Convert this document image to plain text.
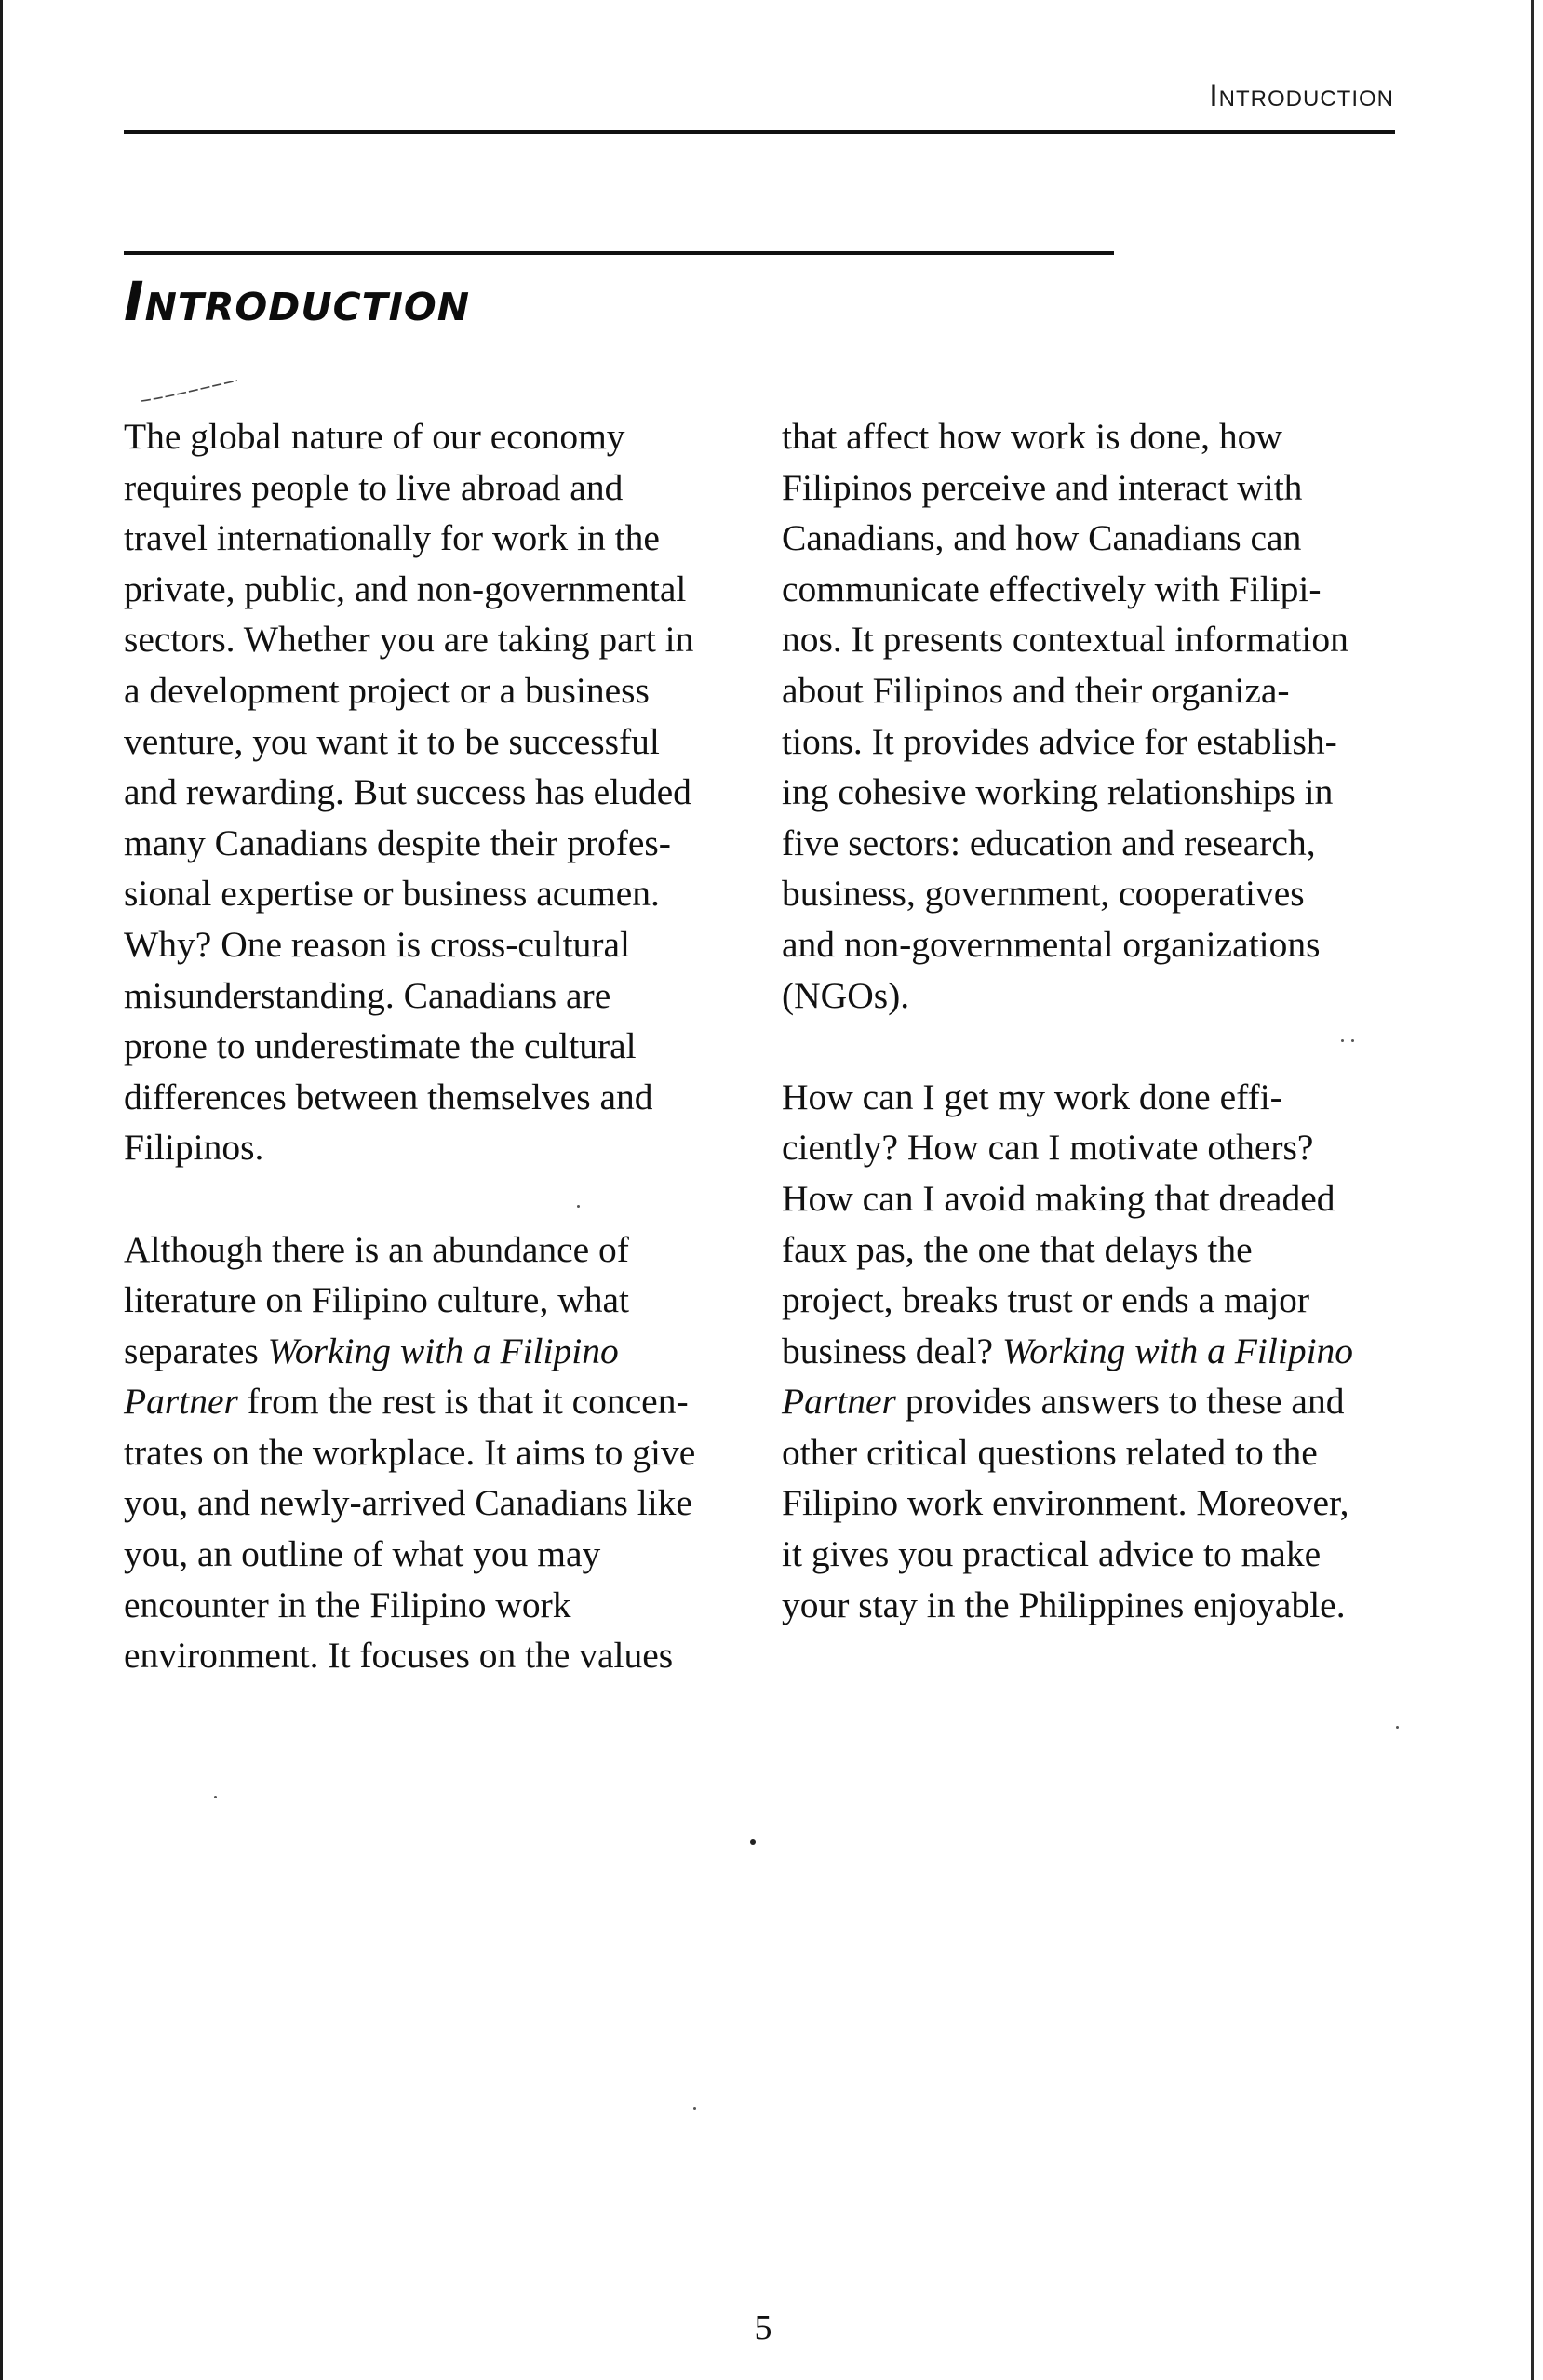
Introduction
Introduction

The global nature of our economy
requires people to live abroad and
travel internationally for work in the
private, public, and non-governmental
sectors. Whether you are taking part in
a development project or a business
venture, you want it to be successful
and rewarding. But success has eluded
many Canadians despite their profes-
sional expertise or business acumen.
Why? One reason is cross-cultural
misunderstanding. Canadians are
prone to underestimate the cultural
differences between themselves and
Filipinos.

Although there is an abundance of
literature on Filipino culture, what
separates Working with a Filipino
Partner from the rest is that it concen-
trates on the workplace. It aims to give
you, and newly-arrived Canadians like
you, an outline of what you may
encounter in the Filipino work
environment. It focuses on the values

that affect how work is done, how
Filipinos perceive and interact with
Canadians, and how Canadians can
communicate effectively with Filipi-
nos. It presents contextual information
about Filipinos and their organiza-
tions. It provides advice for establish-
ing cohesive working relationships in
five sectors: education and research,
business, government, cooperatives
and non-governmental organizations
(NGOs).

How can I get my work done effi-
ciently? How can I motivate others?
How can I avoid making that dreaded
faux pas, the one that delays the
project, breaks trust or ends a major
business deal? Working with a Filipino
Partner provides answers to these and
other critical questions related to the
Filipino work environment. Moreover,
it gives you practical advice to make
your stay in the Philippines enjoyable.

5
